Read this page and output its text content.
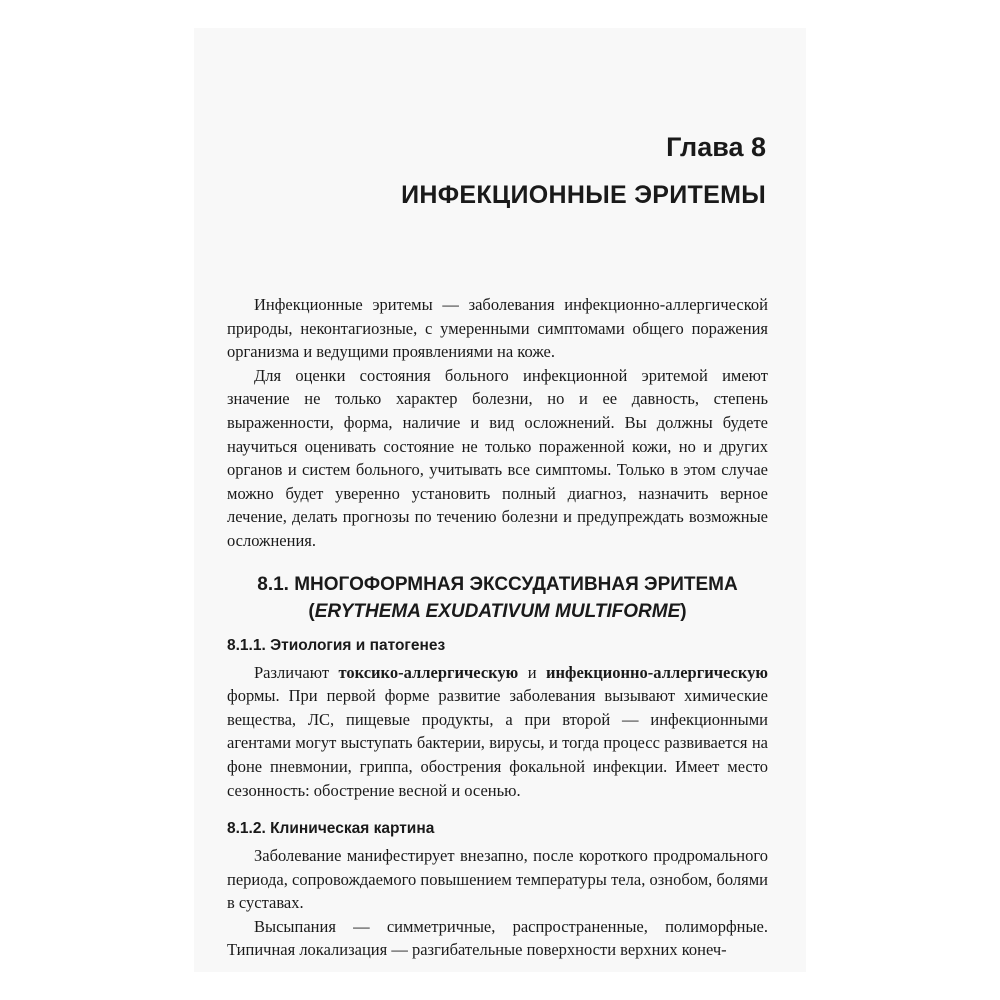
Глава 8
ИНФЕКЦИОННЫЕ ЭРИТЕМЫ

Инфекционные эритемы — заболевания инфекционно-аллергической природы, неконтагиозные, с умеренными симптомами общего поражения организма и ведущими проявлениями на коже.

Для оценки состояния больного инфекционной эритемой имеют значение не только характер болезни, но и ее давность, степень выраженности, форма, наличие и вид осложнений. Вы должны будете научиться оценивать состояние не только пораженной кожи, но и других органов и систем больного, учитывать все симптомы. Только в этом случае можно будет уверенно установить полный диагноз, назначить верное лечение, делать прогнозы по течению болезни и предупреждать возможные осложнения.

8.1. МНОГОФОРМНАЯ ЭКССУДАТИВНАЯ ЭРИТЕМА
(ERYTHEMA EXUDATIVUM MULTIFORME)
8.1.1. Этиология и патогенез

Различают токсико-аллергическую и инфекционно-аллергическую формы. При первой форме развитие заболевания вызывают химические вещества, ЛС, пищевые продукты, а при второй — инфекционными агентами могут выступать бактерии, вирусы, и тогда процесс развивается на фоне пневмонии, гриппа, обострения фокальной инфекции. Имеет место сезонность: обострение весной и осенью.

8.1.2. Клиническая картина

Заболевание манифестирует внезапно, после короткого продромального периода, сопровождаемого повышением температуры тела, ознобом, болями в суставах.

Высыпания — симметричные, распространенные, полиморфные. Типичная локализация — разгибательные поверхности верхних конеч-
